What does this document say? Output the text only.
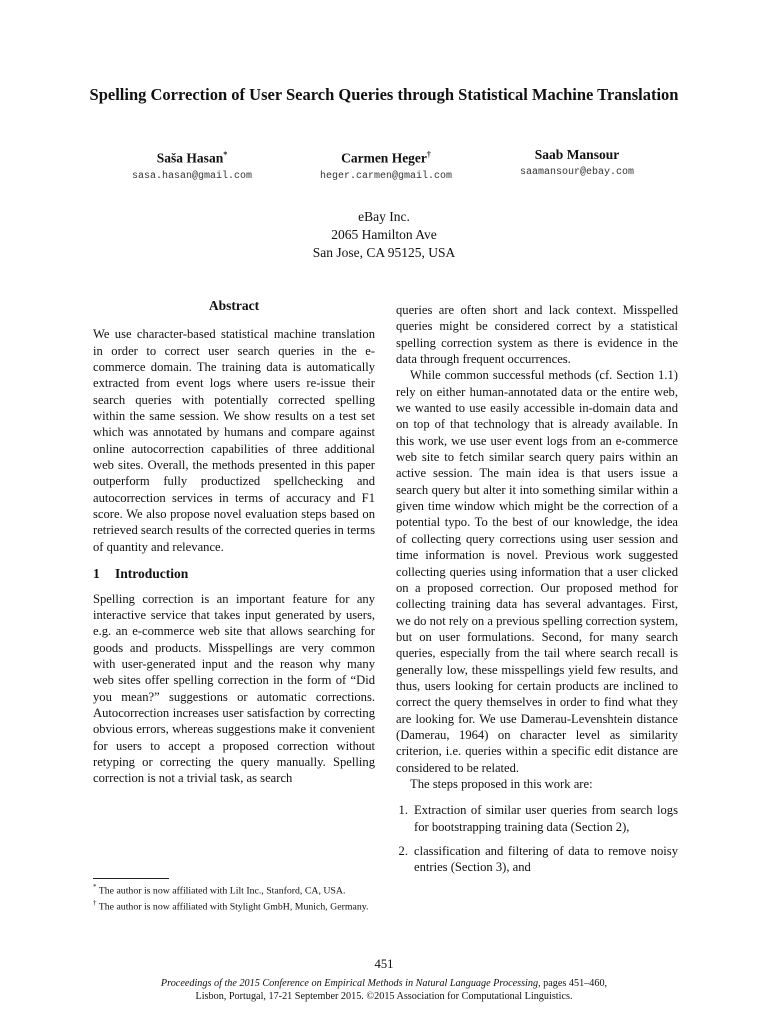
Spelling Correction of User Search Queries through Statistical Machine Translation
Saša Hasan*
sasa.hasan@gmail.com
Carmen Heger†
heger.carmen@gmail.com
Saab Mansour
saamansour@ebay.com
eBay Inc.
2065 Hamilton Ave
San Jose, CA 95125, USA
Abstract

We use character-based statistical machine translation in order to correct user search queries in the e-commerce domain. The training data is automatically extracted from event logs where users re-issue their search queries with potentially corrected spelling within the same session. We show results on a test set which was annotated by humans and compare against online autocorrection capabilities of three additional web sites. Overall, the methods presented in this paper outperform fully productized spellchecking and autocorrection services in terms of accuracy and F1 score. We also propose novel evaluation steps based on retrieved search results of the corrected queries in terms of quantity and relevance.

1 Introduction

Spelling correction is an important feature for any interactive service that takes input generated by users, e.g. an e-commerce web site that allows searching for goods and products. Misspellings are very common with user-generated input and the reason why many web sites offer spelling correction in the form of “Did you mean?” suggestions or automatic corrections. Autocorrection increases user satisfaction by correcting obvious errors, whereas suggestions make it convenient for users to accept a proposed correction without retyping or correcting the query manually. Spelling correction is not a trivial task, as search

queries are often short and lack context. Misspelled queries might be considered correct by a statistical spelling correction system as there is evidence in the data through frequent occurrences.

While common successful methods (cf. Section 1.1) rely on either human-annotated data or the entire web, we wanted to use easily accessible in-domain data and on top of that technology that is already available. In this work, we use user event logs from an e-commerce web site to fetch similar search query pairs within an active session. The main idea is that users issue a search query but alter it into something similar within a given time window which might be the correction of a potential typo. To the best of our knowledge, the idea of collecting query corrections using user session and time information is novel. Previous work suggested collecting queries using information that a user clicked on a proposed correction. Our proposed method for collecting training data has several advantages. First, we do not rely on a previous spelling correction system, but on user formulations. Second, for many search queries, especially from the tail where search recall is generally low, these misspellings yield few results, and thus, users looking for certain products are inclined to correct the query themselves in order to find what they are looking for. We use Damerau-Levenshtein distance (Damerau, 1964) on character level as similarity criterion, i.e. queries within a specific edit distance are considered to be related.

The steps proposed in this work are:

1. Extraction of similar user queries from search logs for bootstrapping training data (Section 2),
2. classification and filtering of data to remove noisy entries (Section 3), and

* The author is now affiliated with Lilt Inc., Stanford, CA, USA.

† The author is now affiliated with Stylight GmbH, Munich, Germany.

451
Proceedings of the 2015 Conference on Empirical Methods in Natural Language Processing, pages 451–460,
Lisbon, Portugal, 17-21 September 2015. ©2015 Association for Computational Linguistics.
